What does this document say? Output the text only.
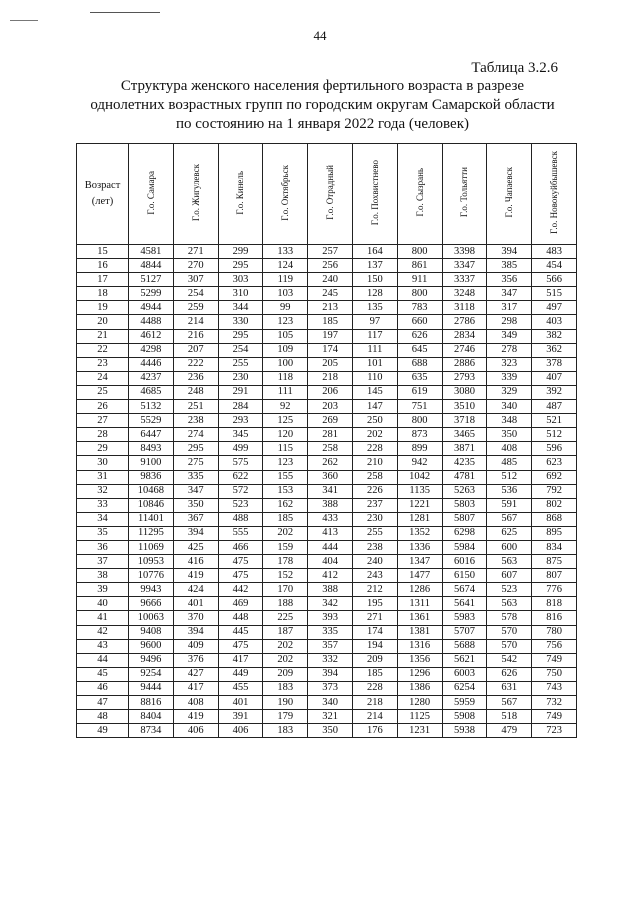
44
Таблица 3.2.6
Структура женского населения фертильного возраста в разрезе
однолетних возрастных групп по городским округам Самарской области
по состоянию на 1 января 2022 года (человек)
Возраст
(лет)	Г.о. Самара	Г.о. Жигулевск	Г.о. Кинель	Г.о. Октябрьск	Г.о. Отрадный	Г.о. Похвистнево	Г.о. Сызрань	Г.о. Тольятти	Г.о. Чапаевск	Г.о. Новокуйбышевск
15	4581	271	299	133	257	164	800	3398	394	483
16	4844	270	295	124	256	137	861	3347	385	454
17	5127	307	303	119	240	150	911	3337	356	566
18	5299	254	310	103	245	128	800	3248	347	515
19	4944	259	344	99	213	135	783	3118	317	497
20	4488	214	330	123	185	97	660	2786	298	403
21	4612	216	295	105	197	117	626	2834	349	382
22	4298	207	254	109	174	111	645	2746	278	362
23	4446	222	255	100	205	101	688	2886	323	378
24	4237	236	230	118	218	110	635	2793	339	407
25	4685	248	291	111	206	145	619	3080	329	392
26	5132	251	284	92	203	147	751	3510	340	487
27	5529	238	293	125	269	250	800	3718	348	521
28	6447	274	345	120	281	202	873	3465	350	512
29	8493	295	499	115	258	228	899	3871	408	596
30	9100	275	575	123	262	210	942	4235	485	623
31	9836	335	622	155	360	258	1042	4781	512	692
32	10468	347	572	153	341	226	1135	5263	536	792
33	10846	350	523	162	388	237	1221	5803	591	802
34	11401	367	488	185	433	230	1281	5807	567	868
35	11295	394	555	202	413	255	1352	6298	625	895
36	11069	425	466	159	444	238	1336	5984	600	834
37	10953	416	475	178	404	240	1347	6016	563	875
38	10776	419	475	152	412	243	1477	6150	607	807
39	9943	424	442	170	388	212	1286	5674	523	776
40	9666	401	469	188	342	195	1311	5641	563	818
41	10063	370	448	225	393	271	1361	5983	578	816
42	9408	394	445	187	335	174	1381	5707	570	780
43	9600	409	475	202	357	194	1316	5688	570	756
44	9496	376	417	202	332	209	1356	5621	542	749
45	9254	427	449	209	394	185	1296	6003	626	750
46	9444	417	455	183	373	228	1386	6254	631	743
47	8816	408	401	190	340	218	1280	5959	567	732
48	8404	419	391	179	321	214	1125	5908	518	749
49	8734	406	406	183	350	176	1231	5938	479	723
